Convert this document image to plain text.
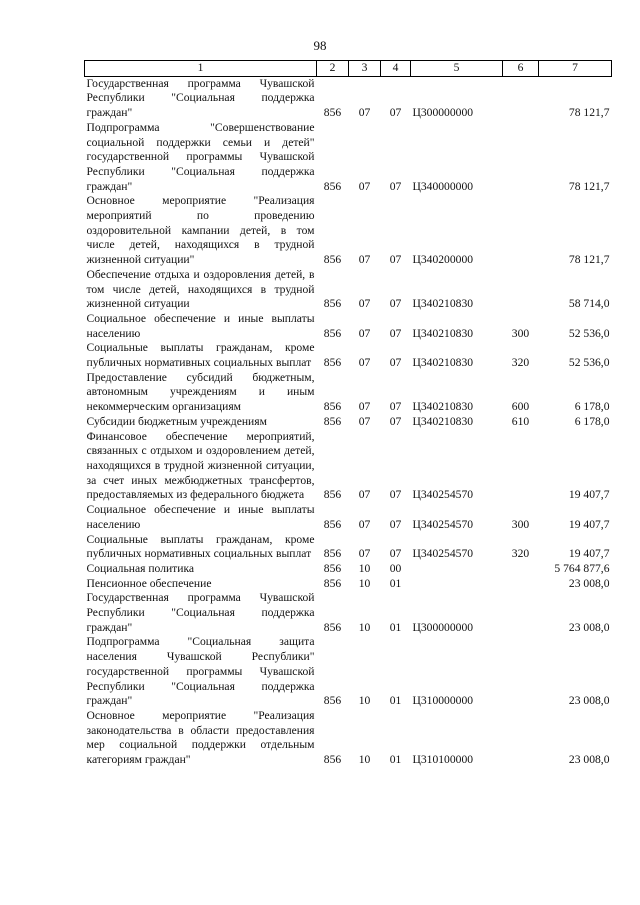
98
1	2	3	4	5	6	7
Государственная программа Чувашской Республики "Социальная поддержка граждан"	856	07	07	Ц300000000		78 121,7
Подпрограмма "Совершенствование социальной поддержки семьи и детей" государственной программы Чувашской Республики "Социальная поддержка граждан"	856	07	07	Ц340000000		78 121,7
Основное мероприятие "Реализация мероприятий по проведению оздоровительной кампании детей, в том числе детей, находящихся в трудной жизненной ситуации"	856	07	07	Ц340200000		78 121,7
Обеспечение отдыха и оздоровления детей, в том числе детей, находящихся в трудной жизненной ситуации	856	07	07	Ц340210830		58 714,0
Социальное обеспечение и иные выплаты населению	856	07	07	Ц340210830	300	52 536,0
Социальные выплаты гражданам, кроме публичных нормативных социальных выплат	856	07	07	Ц340210830	320	52 536,0
Предоставление субсидий бюджетным, автономным учреждениям и иным некоммерческим организациям	856	07	07	Ц340210830	600	6 178,0
Субсидии бюджетным учреждениям	856	07	07	Ц340210830	610	6 178,0
Финансовое обеспечение мероприятий, связанных с отдыхом и оздоровлением детей, находящихся в трудной жизненной ситуации, за счет иных межбюджетных трансфертов, предоставляемых из федерального бюджета	856	07	07	Ц340254570		19 407,7
Социальное обеспечение и иные выплаты населению	856	07	07	Ц340254570	300	19 407,7
Социальные выплаты гражданам, кроме публичных нормативных социальных выплат	856	07	07	Ц340254570	320	19 407,7
Социальная политика	856	10	00			5 764 877,6
Пенсионное обеспечение	856	10	01			23 008,0
Государственная программа Чувашской Республики "Социальная поддержка граждан"	856	10	01	Ц300000000		23 008,0
Подпрограмма "Социальная защита населения Чувашской Республики" государственной программы Чувашской Республики "Социальная поддержка граждан"	856	10	01	Ц310000000		23 008,0
Основное мероприятие "Реализация законодательства в области предоставления мер социальной поддержки отдельным категориям граждан"	856	10	01	Ц310100000		23 008,0
